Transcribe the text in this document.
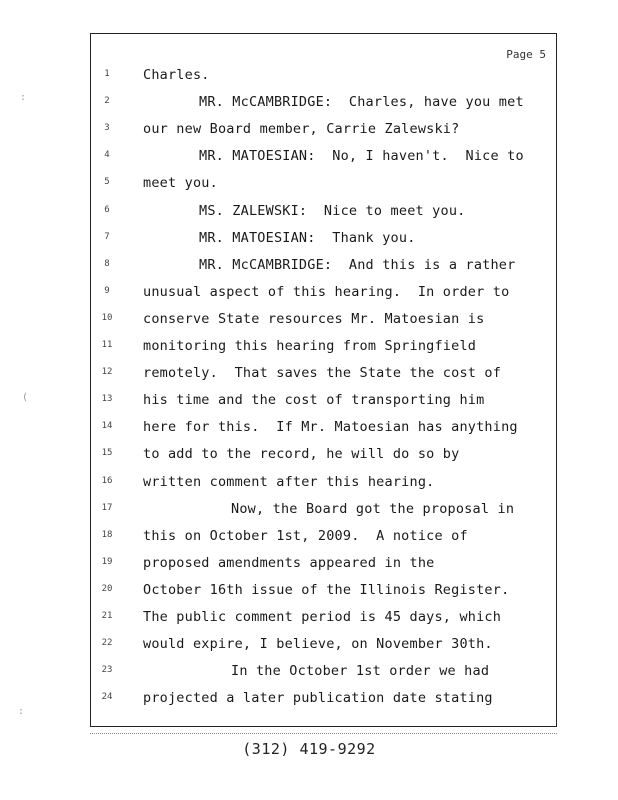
Page 5
1	Charles.
2	MR. McCAMBRIDGE:  Charles, have you met
3	our new Board member, Carrie Zalewski?
4	MR. MATOESIAN:  No, I haven't.  Nice to
5	meet you.
6	MS. ZALEWSKI:  Nice to meet you.
7	MR. MATOESIAN:  Thank you.
8	MR. McCAMBRIDGE:  And this is a rather
9	unusual aspect of this hearing.  In order to
10 conserve State resources Mr. Matoesian is
11 monitoring this hearing from Springfield
12 remotely.  That saves the State the cost of
13 his time and the cost of transporting him
14 here for this.  If Mr. Matoesian has anything
15 to add to the record, he will do so by
16 written comment after this hearing.
17	Now, the Board got the proposal in
18 this on October 1st, 2009.  A notice of
19 proposed amendments appeared in the
20 October 16th issue of the Illinois Register.
21 The public comment period is 45 days, which
22 would expire, I believe, on November 30th.
23	In the October 1st order we had
24 projected a later publication date stating
(312) 419-9292
:
(
:
